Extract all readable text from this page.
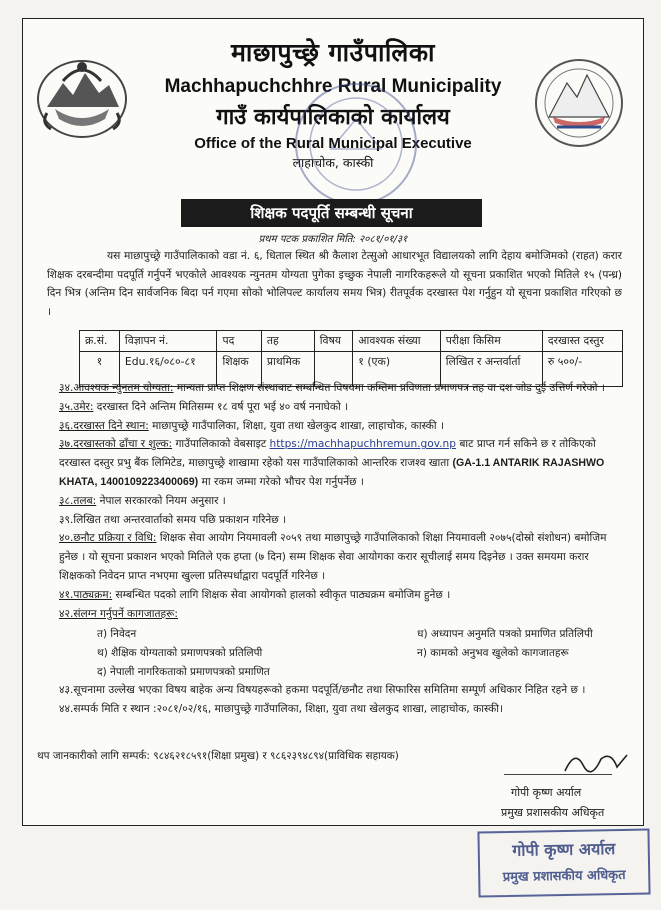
माछापुच्छ्रे गाउँपालिका
Machhapuchchhre Rural Municipality
गाउँ कार्यपालिकाको कार्यालय
Office of the Rural Municipal Executive
लाहाचोक, कास्की
शिक्षक पदपूर्ति सम्बन्धी सूचना
प्रथम पटक प्रकाशित मिति: २०८१/०१/३१
यस माछापुच्छ्रे गाउँपालिकाको वडा नं. ६, धिताल स्थित श्री कैलाश टेत्सुओ आधारभूत विद्यालयको लागि देहाय बमोजिमको (राहत) करार शिक्षक दरबन्दीमा पदपूर्ति गर्नुपर्ने भएकोले आवश्यक न्युनतम योग्यता पुगेका इच्छुक नेपाली नागरिकहरूले यो सूचना प्रकाशित भएको मितिले १५ (पन्ध्र) दिन भित्र (अन्तिम दिन सार्वजनिक बिदा पर्न गएमा सोको भोलिपल्ट कार्यालय समय भित्र) रीतपूर्वक दरखास्त पेश गर्नुहुन यो सूचना प्रकाशित गरिएको छ ।
क्र.सं.	विज्ञापन नं.	पद	तह	विषय	आवश्यक संख्या	परीक्षा किसिम	दरखास्त दस्तुर
१	Edu.१६/०८०-८१	शिक्षक	प्राथमिक		१ (एक)	लिखित र अन्तर्वार्ता	रु ५००/-

३४.आवश्यक न्युनतम योग्यता: मान्यता प्राप्त शिक्षण संस्थाबाट सम्बन्धित विषयमा कम्तिमा प्रविणता प्रमाणपत्र तह वा दश जोड दुई उत्तिर्ण गरेको ।

३५.उमेर: दरखास्त दिने अन्तिम मितिसम्म १८ वर्ष पूरा भई ४० वर्ष ननाघेको ।

३६.दरखास्त दिने स्थान: माछापुच्छ्रे गाउँपालिका, शिक्षा, युवा तथा खेलकुद शाखा, लाहाचोक, कास्की ।

३७.दरखास्तको ढाँचा र शुल्क: गाउँपालिकाको वेबसाइट https://machhapuchhremun.gov.np बाट प्राप्त गर्न सकिने छ र तोकिएको दरखास्त दस्तुर प्रभु बैंक लिमिटेड, माछापुच्छ्रे शाखामा रहेको यस गाउँपालिकाको आन्तरिक राजश्व खाता (GA-1.1 ANTARIK RAJASHWO KHATA, 1400109223400069) मा रकम जम्मा गरेको भौचर पेश गर्नुपर्नेछ ।

३८.तलब: नेपाल सरकारको नियम अनुसार ।

३९.लिखित तथा अन्तरवार्ताको समय पछि प्रकाशन गरिनेछ ।

४०.छनौट प्रक्रिया र विधि: शिक्षक सेवा आयोग नियमावली २०५९ तथा माछापुच्छ्रे गाउँपालिकाको शिक्षा नियमावली २०७५(दोस्रो संशोधन) बमोजिम हुनेछ । यो सूचना प्रकाशन भएको मितिले एक हप्ता (७ दिन) सम्म शिक्षक सेवा आयोगका करार सूचीलाई समय दिइनेछ । उक्त समयमा करार शिक्षकको निवेदन प्राप्त नभएमा खुल्ला प्रतिस्पर्धाद्वारा पदपूर्ति गरिनेछ ।

४१.पाठ्यक्रम: सम्बन्धित पदको लागि शिक्षक सेवा आयोगको हालको स्वीकृत पाठ्यक्रम बमोजिम हुनेछ ।

४२.संलग्न गर्नुपर्ने कागजातहरू:

त) निवेदन
थ) शैक्षिक योग्यताको प्रमाणपत्रको प्रतिलिपी
द) नेपाली नागरिकताको प्रमाणपत्रको प्रमाणित
ध) अध्यापन अनुमति पत्रको प्रमाणित प्रतिलिपी
न) कामको अनुभव खुलेको कागजातहरू

४३.सूचनामा उल्लेख भएका विषय बाहेक अन्य विषयहरूको हकमा पदपूर्ति/छनौट तथा सिफारिस समितिमा सम्पूर्ण अधिकार निहित रहने छ ।

४४.सम्पर्क मिति र स्थान :२०८१/०२/१६, माछापुच्छ्रे गाउँपालिका, शिक्षा, युवा तथा खेलकुद शाखा, लाहाचोक, कास्की।

थप जानकारीको लागि सम्पर्क: ९८४६२१८५९१(शिक्षा प्रमुख) र ९८६२३९४८९४(प्राविधिक सहायक)
गोपी कृष्ण अर्याल
प्रमुख प्रशासकीय अधिकृत
गोपी कृष्ण अर्याल
प्रमुख प्रशासकीय अधिकृत
